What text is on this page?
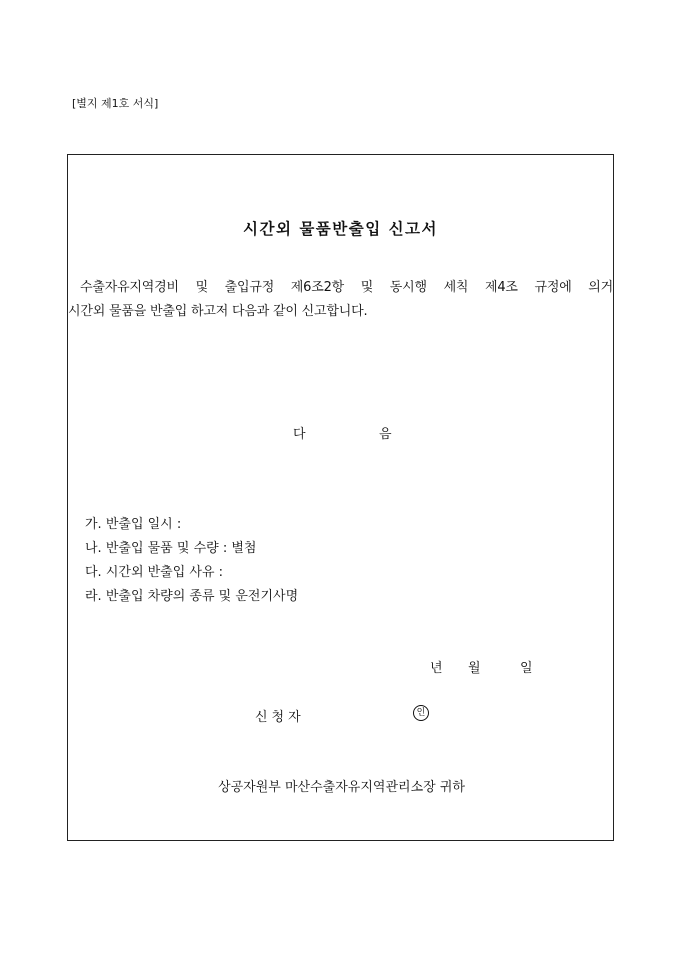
[별지 제1호 서식]
시간외 물품반출입 신고서
수출자유지역경비 및 출입규정 제6조2항 및 동시행 세칙 제4조 규정에 의거
시간외 물품을 반출입 하고저 다음과 같이 신고합니다.
다	음
가. 반출입 일시 :
나. 반출입 물품 및 수량 : 별첨
다. 시간외 반출입 사유 :
라. 반출입 차량의 종류 및 운전기사명
년 월	일
신청자	인
상공자원부 마산수출자유지역관리소장 귀하
